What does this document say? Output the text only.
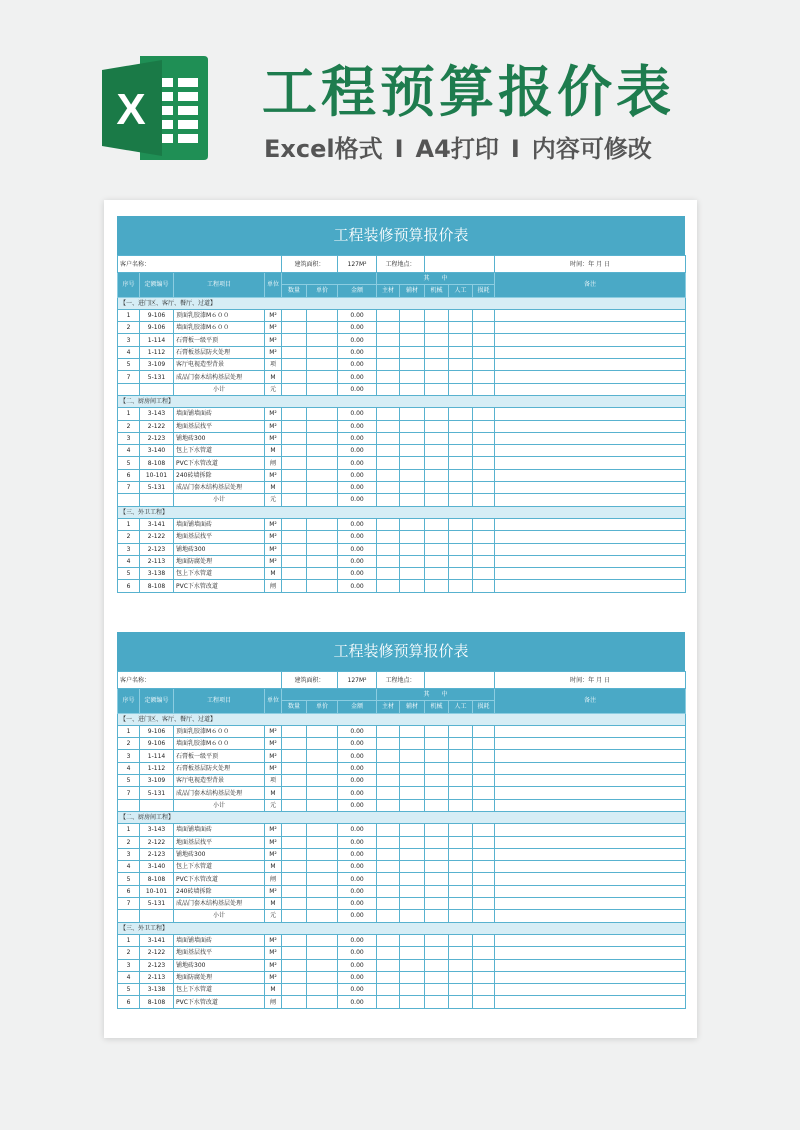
X 工程预算报价表
Excel格式 I A4打印 I 内容可修改
工程装修预算报价表
客户名称：				建筑面积：		127M²	工程地点：					时间：年 月 日
序号	定额编号	工程项目	单位				其　　中					备注
				数量	单价	金额	主材	辅材	机械	人工	损耗	
【一、进门区、客厅、餐厅、过道】												
1	9-106	顶面乳胶漆M６００	M²			0.00						
2	9-106	墙面乳胶漆M６００	M²			0.00						
3	1-114	石膏板一级平顶	M²			0.00						
4	1-112	石膏板基层防火处理	M²			0.00						
5	3-109	客厅电视造型背景	项			0.00						
7	5-131	成品门套木结构基层处理	M			0.00						
		小计	元			0.00						
【二、厨房间工程】												
1	3-143	墙面铺墙面砖	M²			0.00						
2	2-122	地面基层找平	M²			0.00						
3	2-123	铺地砖300	M²			0.00						
4	3-140	包上下水管道	M			0.00						
5	8-108	PVC下水管改道	闸			0.00						
6	10-101	240砖墙拆除	M²			0.00						
7	5-131	成品门套木结构基层处理	M			0.00						
		小计	元			0.00						
【三、外卫工程】												
1	3-141	墙面铺墙面砖	M²			0.00						
2	2-122	地面基层找平	M²			0.00						
3	2-123	铺地砖300	M²			0.00						
4	2-113	地面防腐处理	M²			0.00						
5	3-138	包上下水管道	M			0.00						
6	8-108	PVC下水管改道	闸			0.00						
工程装修预算报价表
客户名称：				建筑面积：		127M²	工程地点：					时间：年 月 日
序号	定额编号	工程项目	单位				其　　中					备注
				数量	单价	金额	主材	辅材	机械	人工	损耗	
【一、进门区、客厅、餐厅、过道】												
1	9-106	顶面乳胶漆M６００	M²			0.00						
2	9-106	墙面乳胶漆M６００	M²			0.00						
3	1-114	石膏板一级平顶	M²			0.00						
4	1-112	石膏板基层防火处理	M²			0.00						
5	3-109	客厅电视造型背景	项			0.00						
7	5-131	成品门套木结构基层处理	M			0.00						
		小计	元			0.00						
【二、厨房间工程】												
1	3-143	墙面铺墙面砖	M²			0.00						
2	2-122	地面基层找平	M²			0.00						
3	2-123	铺地砖300	M²			0.00						
4	3-140	包上下水管道	M			0.00						
5	8-108	PVC下水管改道	闸			0.00						
6	10-101	240砖墙拆除	M²			0.00						
7	5-131	成品门套木结构基层处理	M			0.00						
		小计	元			0.00						
【三、外卫工程】												
1	3-141	墙面铺墙面砖	M²			0.00						
2	2-122	地面基层找平	M²			0.00						
3	2-123	铺地砖300	M²			0.00						
4	2-113	地面防腐处理	M²			0.00						
5	3-138	包上下水管道	M			0.00						
6	8-108	PVC下水管改道	闸			0.00						
